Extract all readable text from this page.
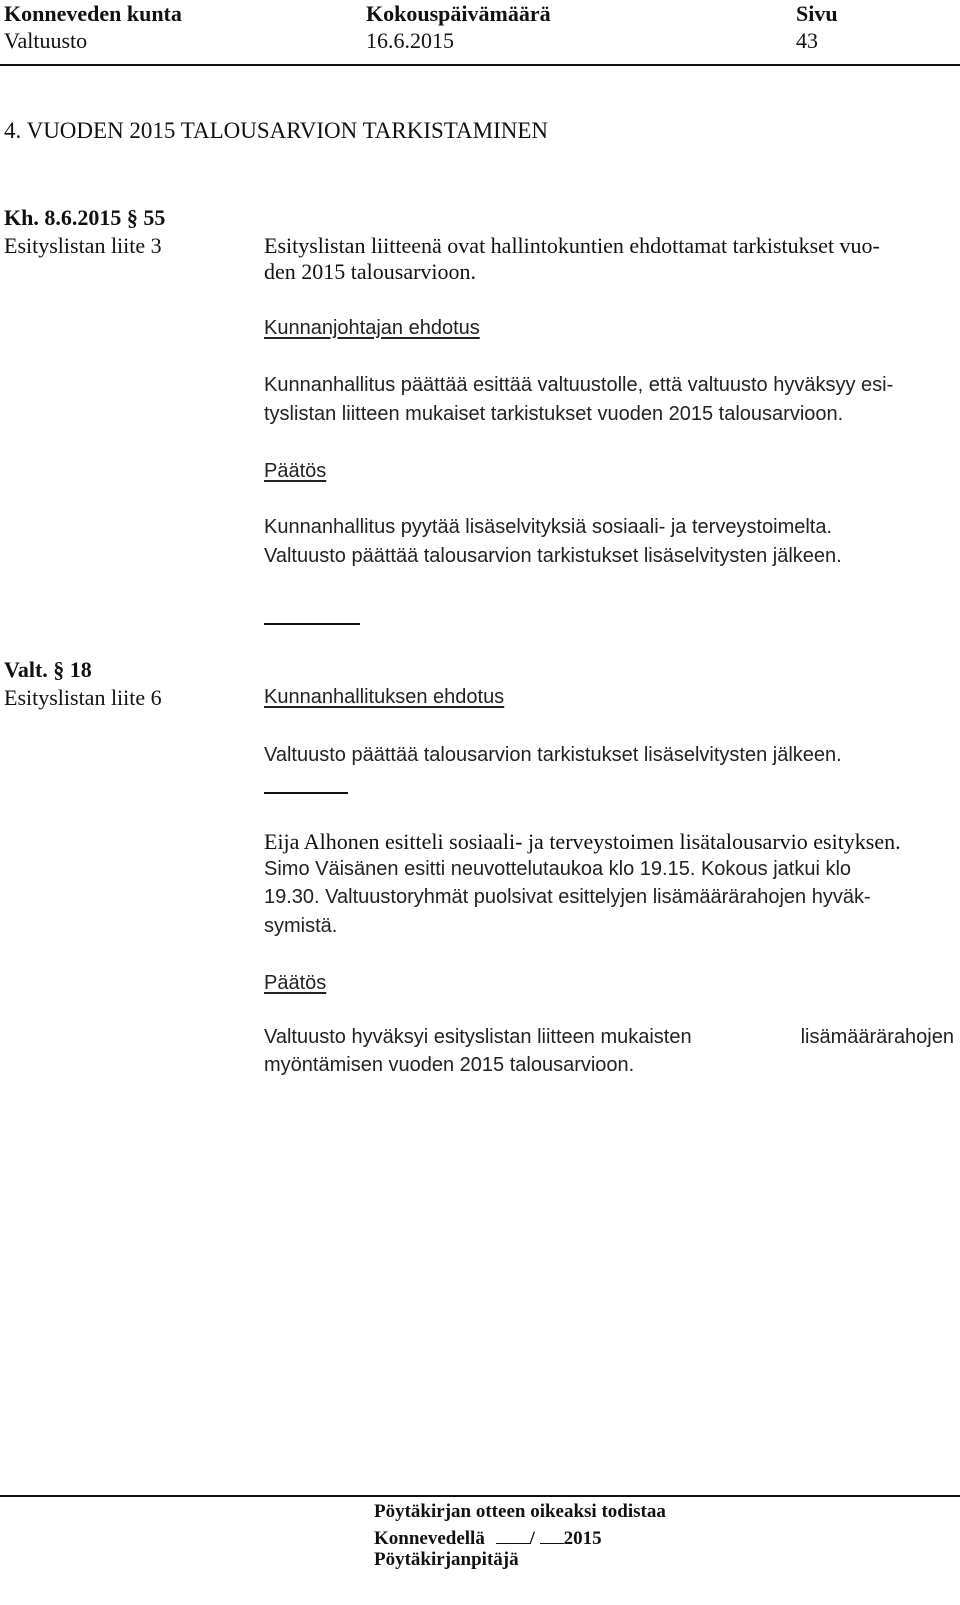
Konneveden kunta
Valtuusto
Kokouspäivämäärä
16.6.2015
Sivu
43
4. VUODEN 2015 TALOUSARVION TARKISTAMINEN
Kh. 8.6.2015 § 55
Esityslistan liite 3	Esityslistan liitteenä ovat hallintokuntien ehdottamat tarkistukset vuo-
den 2015 talousarvioon.
Kunnanjohtajan ehdotus
Kunnanhallitus päättää esittää valtuustolle, että valtuusto hyväksyy esi-
tyslistan liitteen mukaiset tarkistukset vuoden 2015 talousarvioon.
Päätös
Kunnanhallitus pyytää lisäselvityksiä sosiaali- ja terveystoimelta.
Valtuusto päättää talousarvion tarkistukset lisäselvitysten jälkeen.
Valt. § 18
Esityslistan liite 6	Kunnanhallituksen ehdotus
Valtuusto päättää talousarvion tarkistukset lisäselvitysten jälkeen.
Eija Alhonen esitteli sosiaali- ja terveystoimen lisätalousarvio esityksen.
Simo Väisänen esitti neuvottelutaukoa klo 19.15. Kokous jatkui klo
19.30. Valtuustoryhmät puolsivat esittelyjen lisämäärärahojen hyväk-
symistä.
Päätös
Valtuusto hyväksyi esityslistan liitteen mukaisten	lisämäärärahojen
myöntämisen vuoden 2015 talousarvioon.
Pöytäkirjan otteen oikeaksi todistaa
Konnevedellä / 2015
Pöytäkirjanpitäjä
